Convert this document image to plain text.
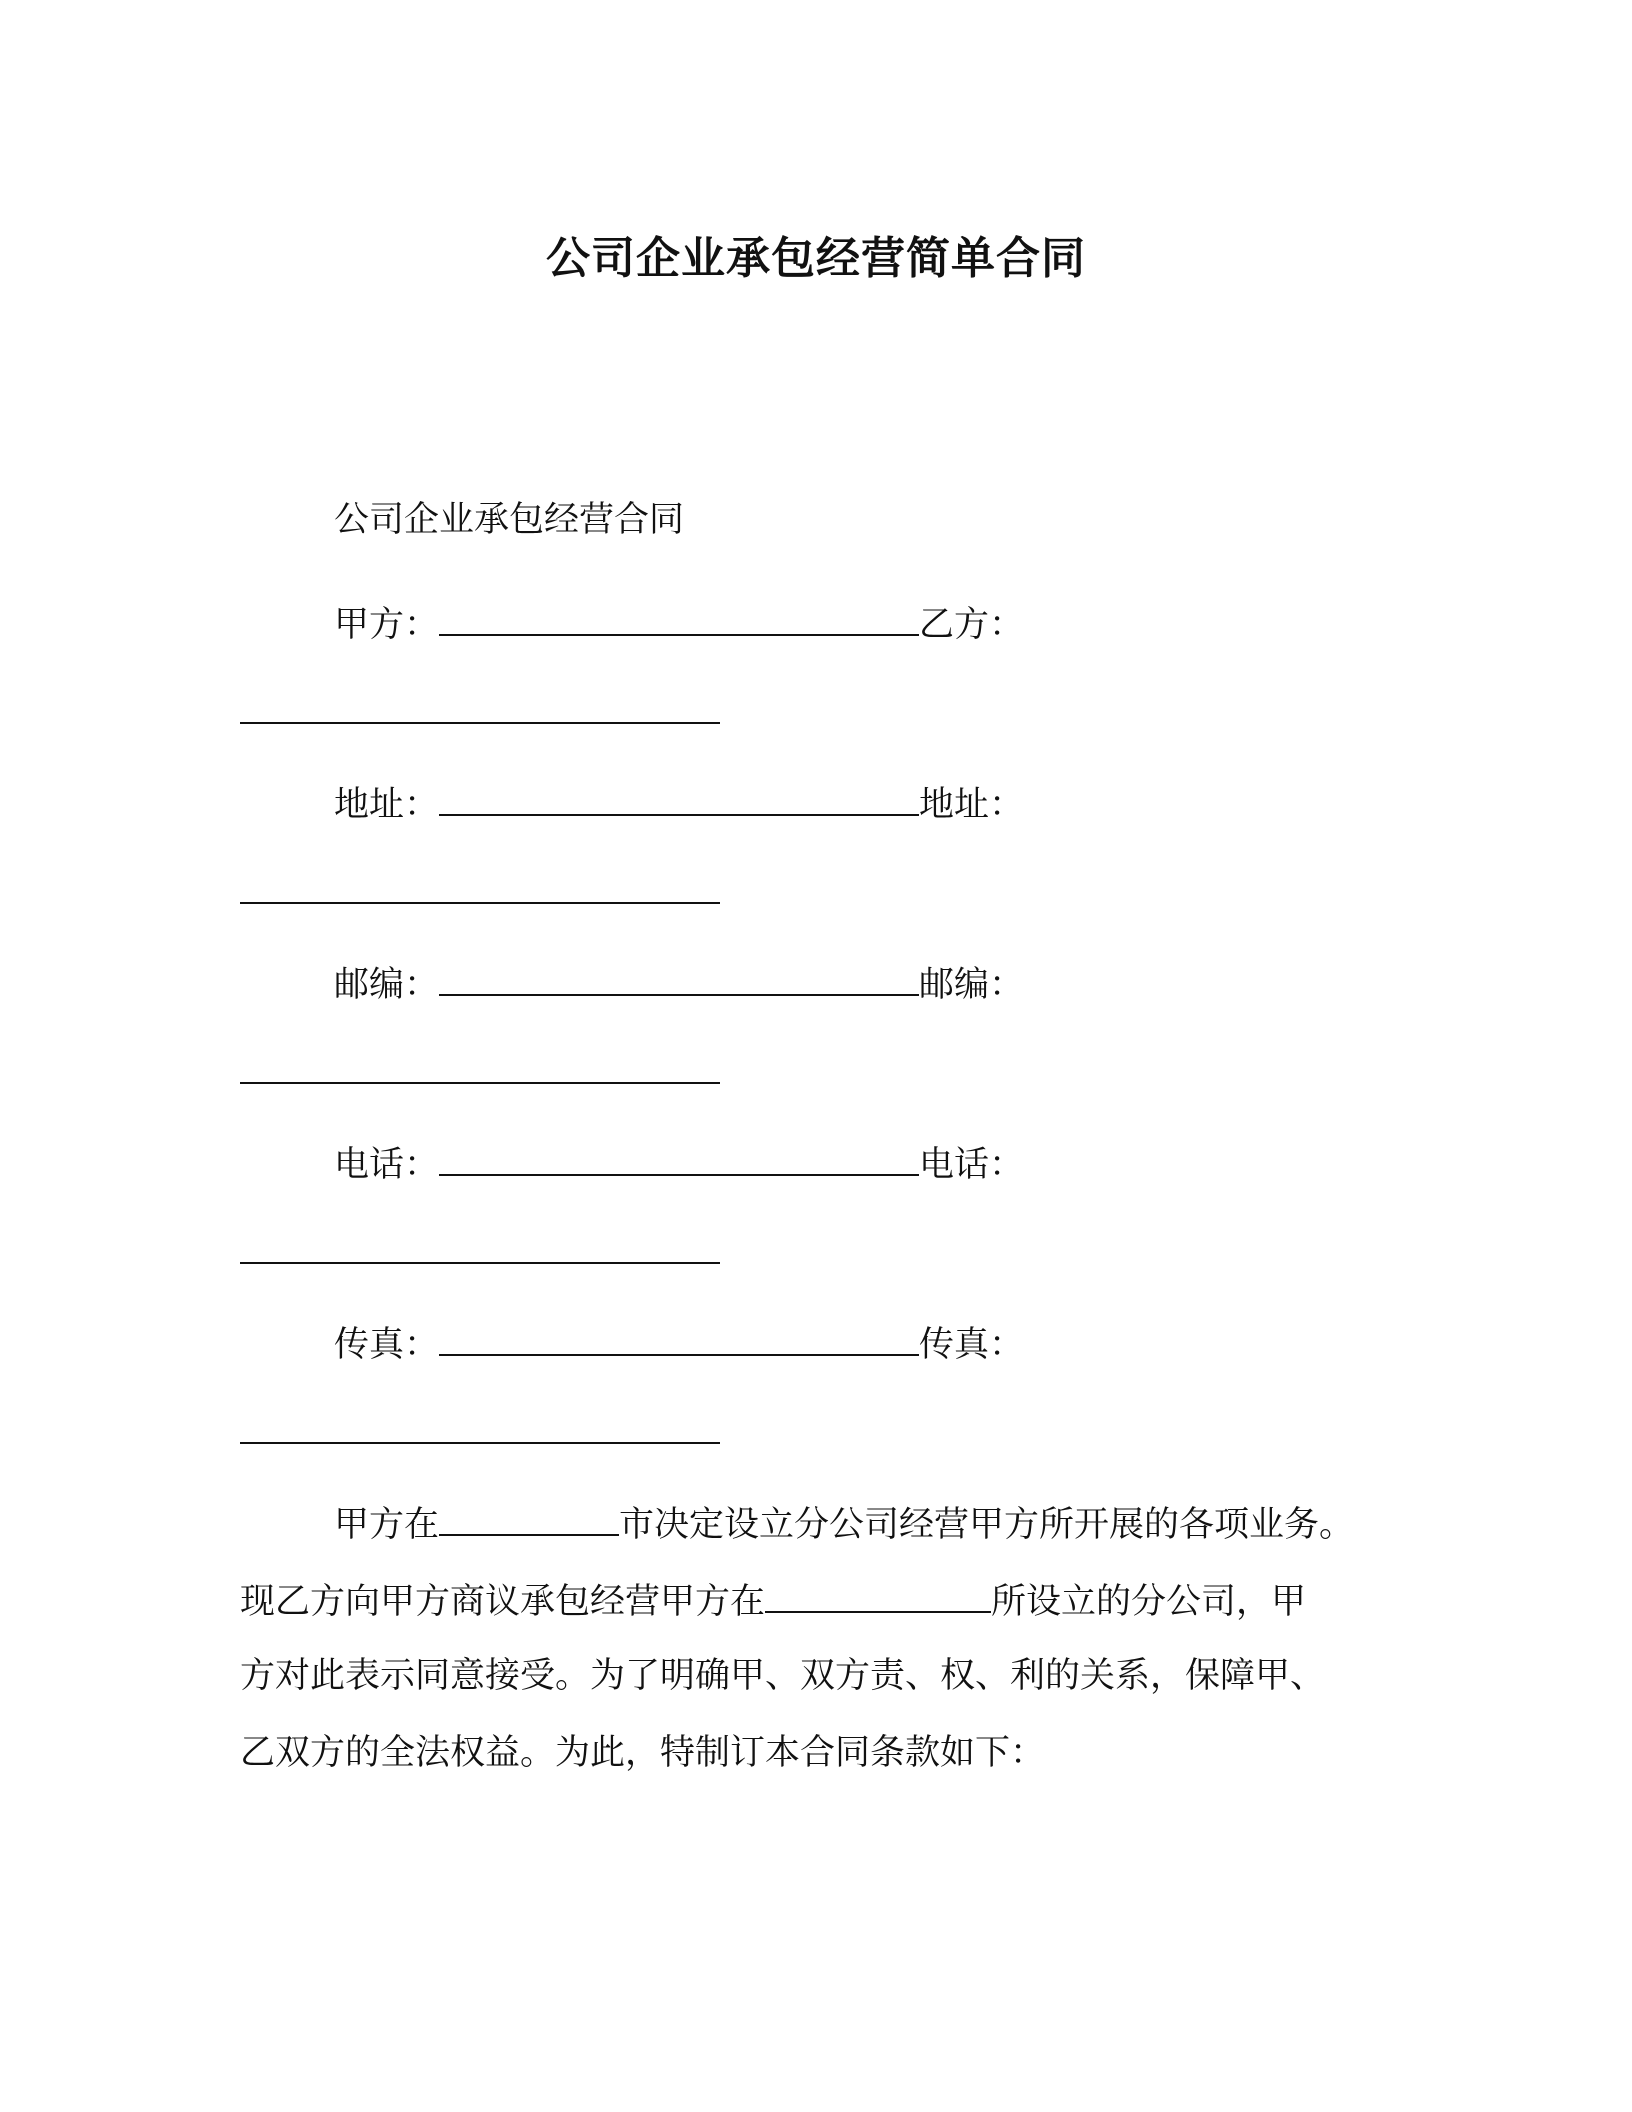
公司企业承包经营简单合同
公司企业承包经营合同
甲方：	乙方：
地址：	地址：
邮编：	邮编：
电话：	电话：
传真：	传真：
甲方在	市决定设立分公司经营甲方所开展的各项业务。
现乙方向甲方商议承包经营甲方在	所设立的分公司，甲
方对此表示同意接受。为了明确甲、双方责、权、利的关系，保障甲、
乙双方的全法权益。为此，特制订本合同条款如下：
